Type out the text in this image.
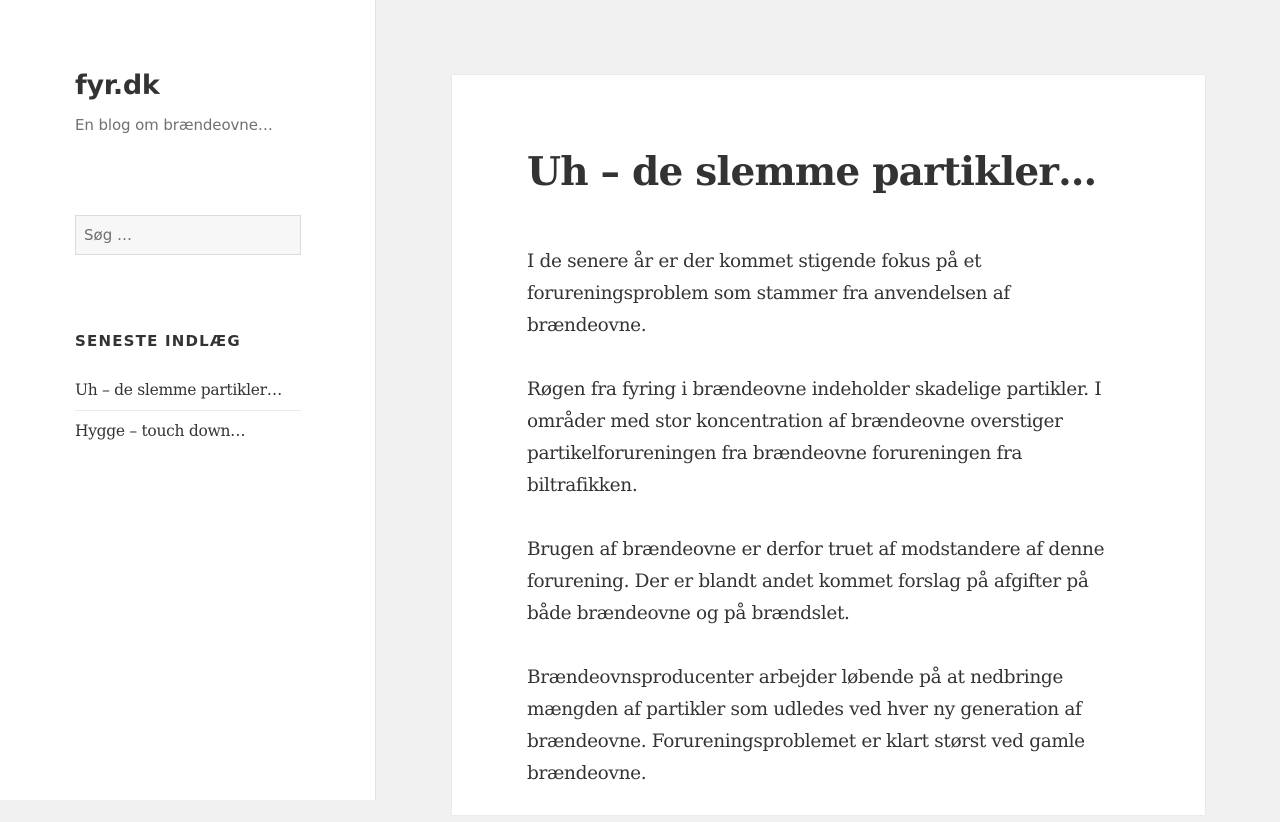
fyr.dk

En blog om brændeovne…

Søg …
SENESTE INDLÆG
Uh – de slemme partikler…
Hygge – touch down…
Uh – de slemme partikler…

I de senere år er der kommet stigende fokus på et forureningsproblem som stammer fra anvendelsen af brændeovne.

Røgen fra fyring i brændeovne indeholder skadelige partikler. I områder med stor koncentration af brændeovne overstiger partikelforureningen fra brændeovne forureningen fra biltrafikken.

Brugen af brændeovne er derfor truet af modstandere af denne forurening. Der er blandt andet kommet forslag på afgifter på både brændeovne og på brændslet.

Brændeovnsproducenter arbejder løbende på at nedbringe mængden af partikler som udledes ved hver ny generation af brændeovne. Forureningsproblemet er klart størst ved gamle brændeovne.
